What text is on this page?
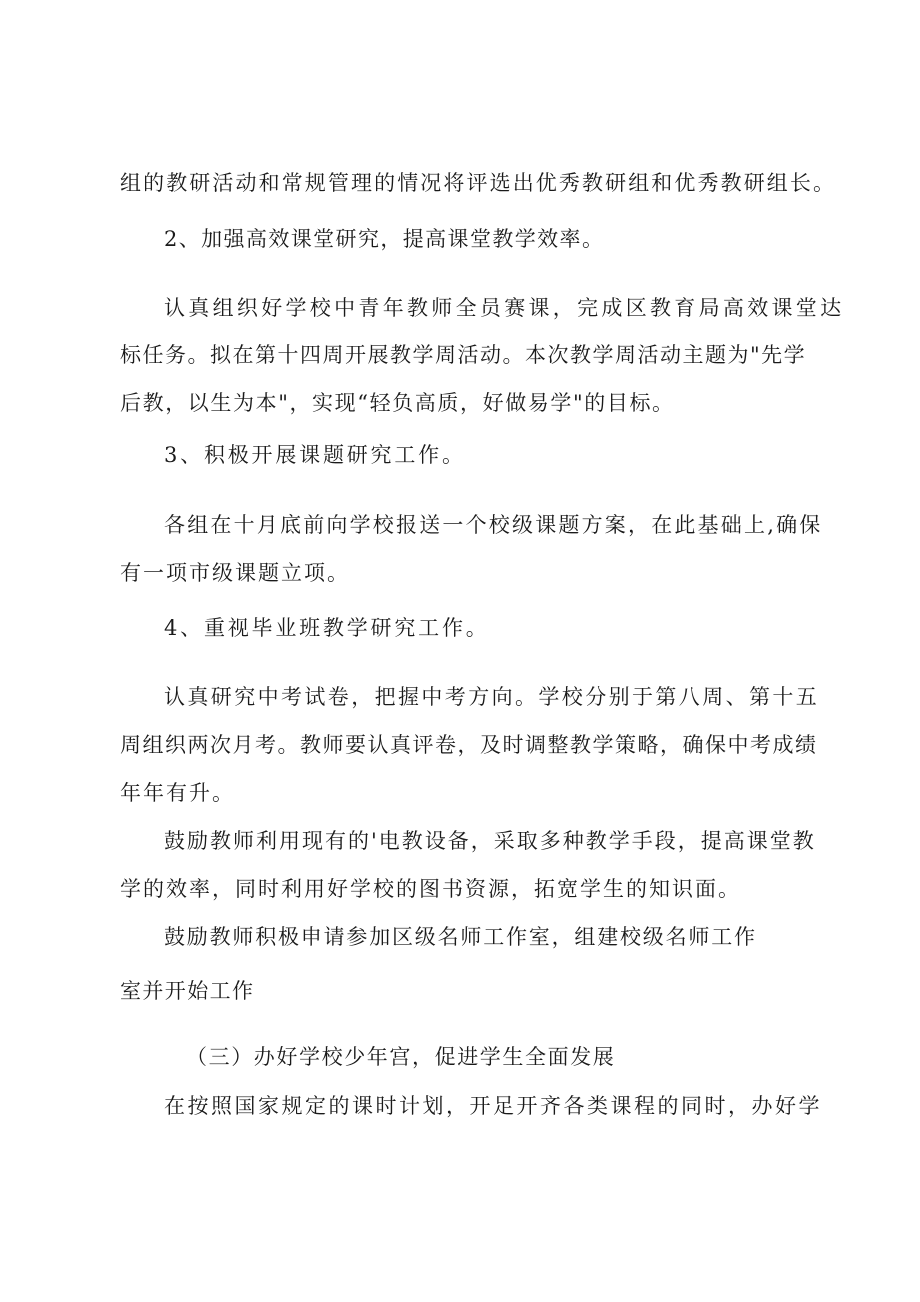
组的教研活动和常规管理的情况将评选出优秀教研组和优秀教研组长。

2、加强高效课堂研究，提高课堂教学效率。

认真组织好学校中青年教师全员赛课，完成区教育局高效课堂达

标任务。拟在第十四周开展教学周活动。本次教学周活动主题为"先学

后教，以生为本"，实现“轻负高质，好做易学"的目标。

3、积极开展课题研究工作。

各组在十月底前向学校报送一个校级课题方案，在此基础上,确保

有一项市级课题立项。

4、重视毕业班教学研究工作。

认真研究中考试卷，把握中考方向。学校分别于第八周、第十五

周组织两次月考。教师要认真评卷，及时调整教学策略，确保中考成绩

年年有升。

鼓励教师利用现有的'电教设备，采取多种教学手段，提高课堂教

学的效率，同时利用好学校的图书资源，拓宽学生的知识面。

鼓励教师积极申请参加区级名师工作室，组建校级名师工作

室并开始工作

（三）办好学校少年宫，促进学生全面发展

在按照国家规定的课时计划，开足开齐各类课程的同时，办好学
